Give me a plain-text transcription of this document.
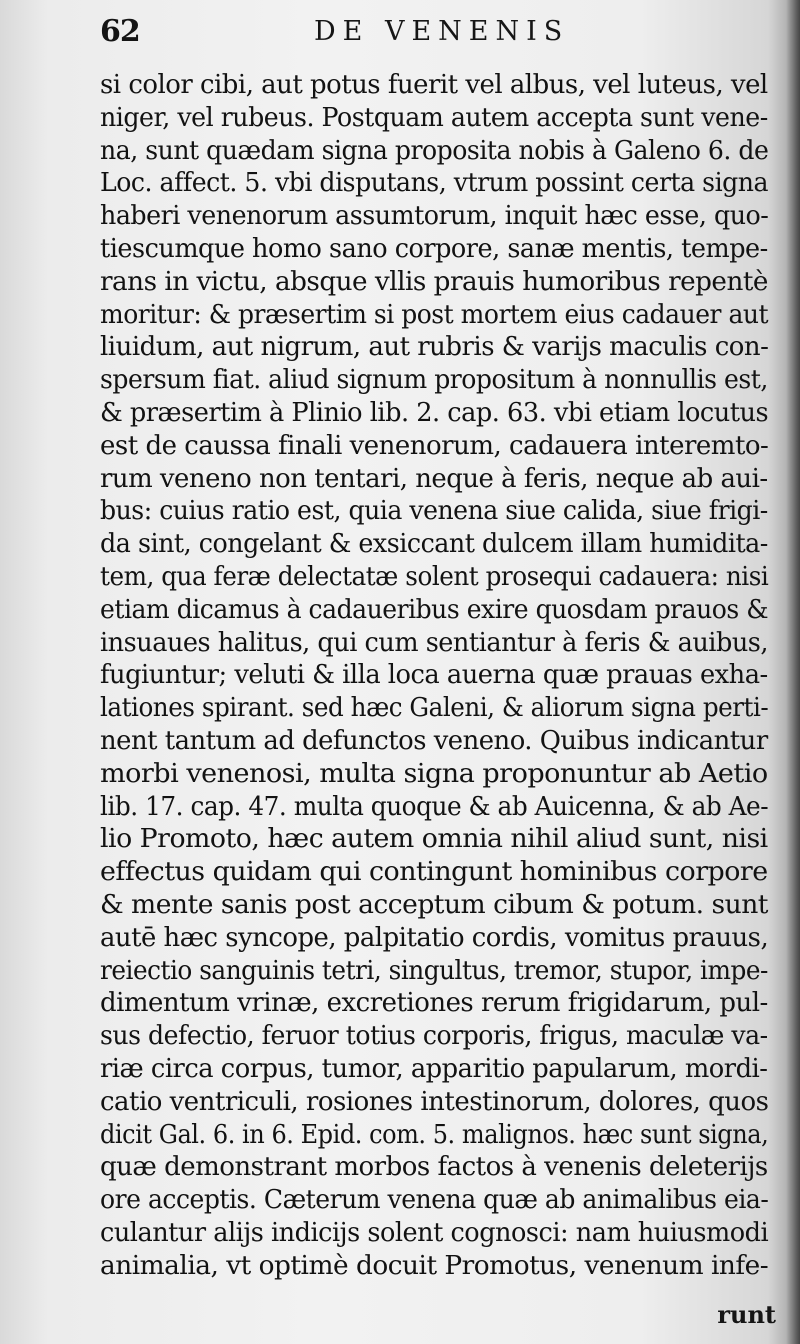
62	DE VENENIS
si color cibi, aut potus fuerit vel albus, vel luteus, vel
niger, vel rubeus. Postquam autem accepta sunt vene-
na, sunt quædam signa proposita nobis à Galeno 6. de
Loc. affect. 5. vbi disputans, vtrum possint certa signa
haberi venenorum assumtorum, inquit hæc esse, quo-
tiescumque homo sano corpore, sanæ mentis, tempe-
rans in victu, absque vllis prauis humoribus repentè
moritur: & præsertim si post mortem eius cadauer aut
liuidum, aut nigrum, aut rubris & varijs maculis con-
spersum fiat. aliud signum propositum à nonnullis est,
& præsertim à Plinio lib. 2. cap. 63. vbi etiam locutus
est de caussa finali venenorum, cadauera interemto-
rum veneno non tentari, neque à feris, neque ab aui-
bus: cuius ratio est, quia venena siue calida, siue frigi-
da sint, congelant & exsiccant dulcem illam humidita-
tem, qua feræ delectatæ solent prosequi cadauera: nisi
etiam dicamus à cadaueribus exire quosdam prauos &
insuaues halitus, qui cum sentiantur à feris & auibus,
fugiuntur; veluti & illa loca auerna quæ prauas exha-
lationes spirant. sed hæc Galeni, & aliorum signa perti-
nent tantum ad defunctos veneno. Quibus indicantur
morbi venenosi, multa signa proponuntur ab Aetio
lib. 17. cap. 47. multa quoque & ab Auicenna, & ab Ae-
lio Promoto, hæc autem omnia nihil aliud sunt, nisi
effectus quidam qui contingunt hominibus corpore
& mente sanis post acceptum cibum & potum. sunt
autē hæc syncope, palpitatio cordis, vomitus prauus,
reiectio sanguinis tetri, singultus, tremor, stupor, impe-
dimentum vrinæ, excretiones rerum frigidarum, pul-
sus defectio, feruor totius corporis, frigus, maculæ va-
riæ circa corpus, tumor, apparitio papularum, mordi-
catio ventriculi, rosiones intestinorum, dolores, quos
dicit Gal. 6. in 6. Epid. com. 5. malignos. hæc sunt signa,
quæ demonstrant morbos factos à venenis deleterijs
ore acceptis. Cæterum venena quæ ab animalibus eia-
culantur alijs indicijs solent cognosci: nam huiusmodi
animalia, vt optimè docuit Promotus, venenum infe-
runt
